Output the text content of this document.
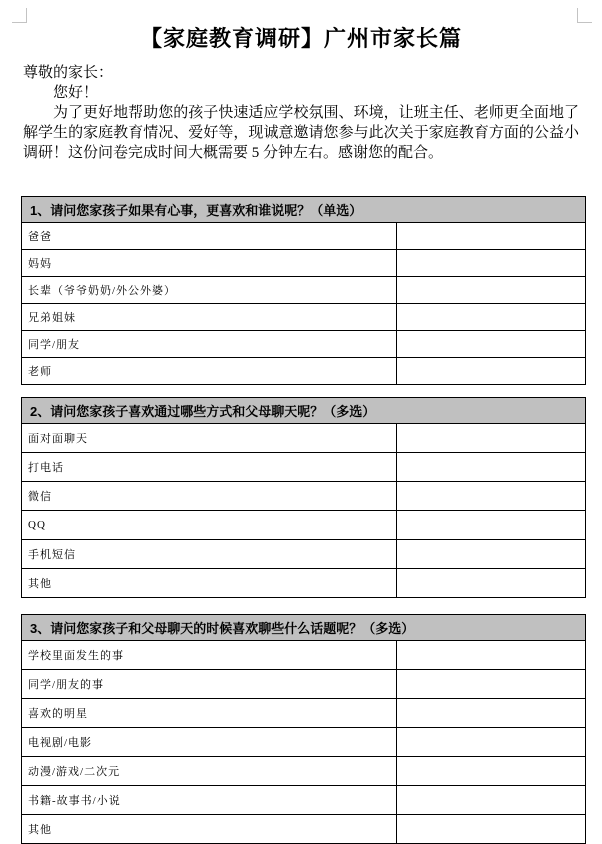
【家庭教育调研】广州市家长篇
尊敬的家长：
您好！
为了更好地帮助您的孩子快速适应学校氛围、环境，让班主任、老师更全面地了解学生的家庭教育情况、爱好等，现诚意邀请您参与此次关于家庭教育方面的公益小调研！这份问卷完成时间大概需要 5 分钟左右。感谢您的配合。
1、请问您家孩子如果有心事，更喜欢和谁说呢？（单选）	
爸爸	
妈妈	
长辈（爷爷奶奶/外公外婆）	
兄弟姐妹	
同学/朋友	
老师	
2、请问您家孩子喜欢通过哪些方式和父母聊天呢？（多选）	
面对面聊天	
打电话	
微信	
QQ	
手机短信	
其他	
3、请问您家孩子和父母聊天的时候喜欢聊些什么话题呢？（多选）	
学校里面发生的事	
同学/朋友的事	
喜欢的明星	
电视剧/电影	
动漫/游戏/二次元	
书籍-故事书/小说	
其他	
